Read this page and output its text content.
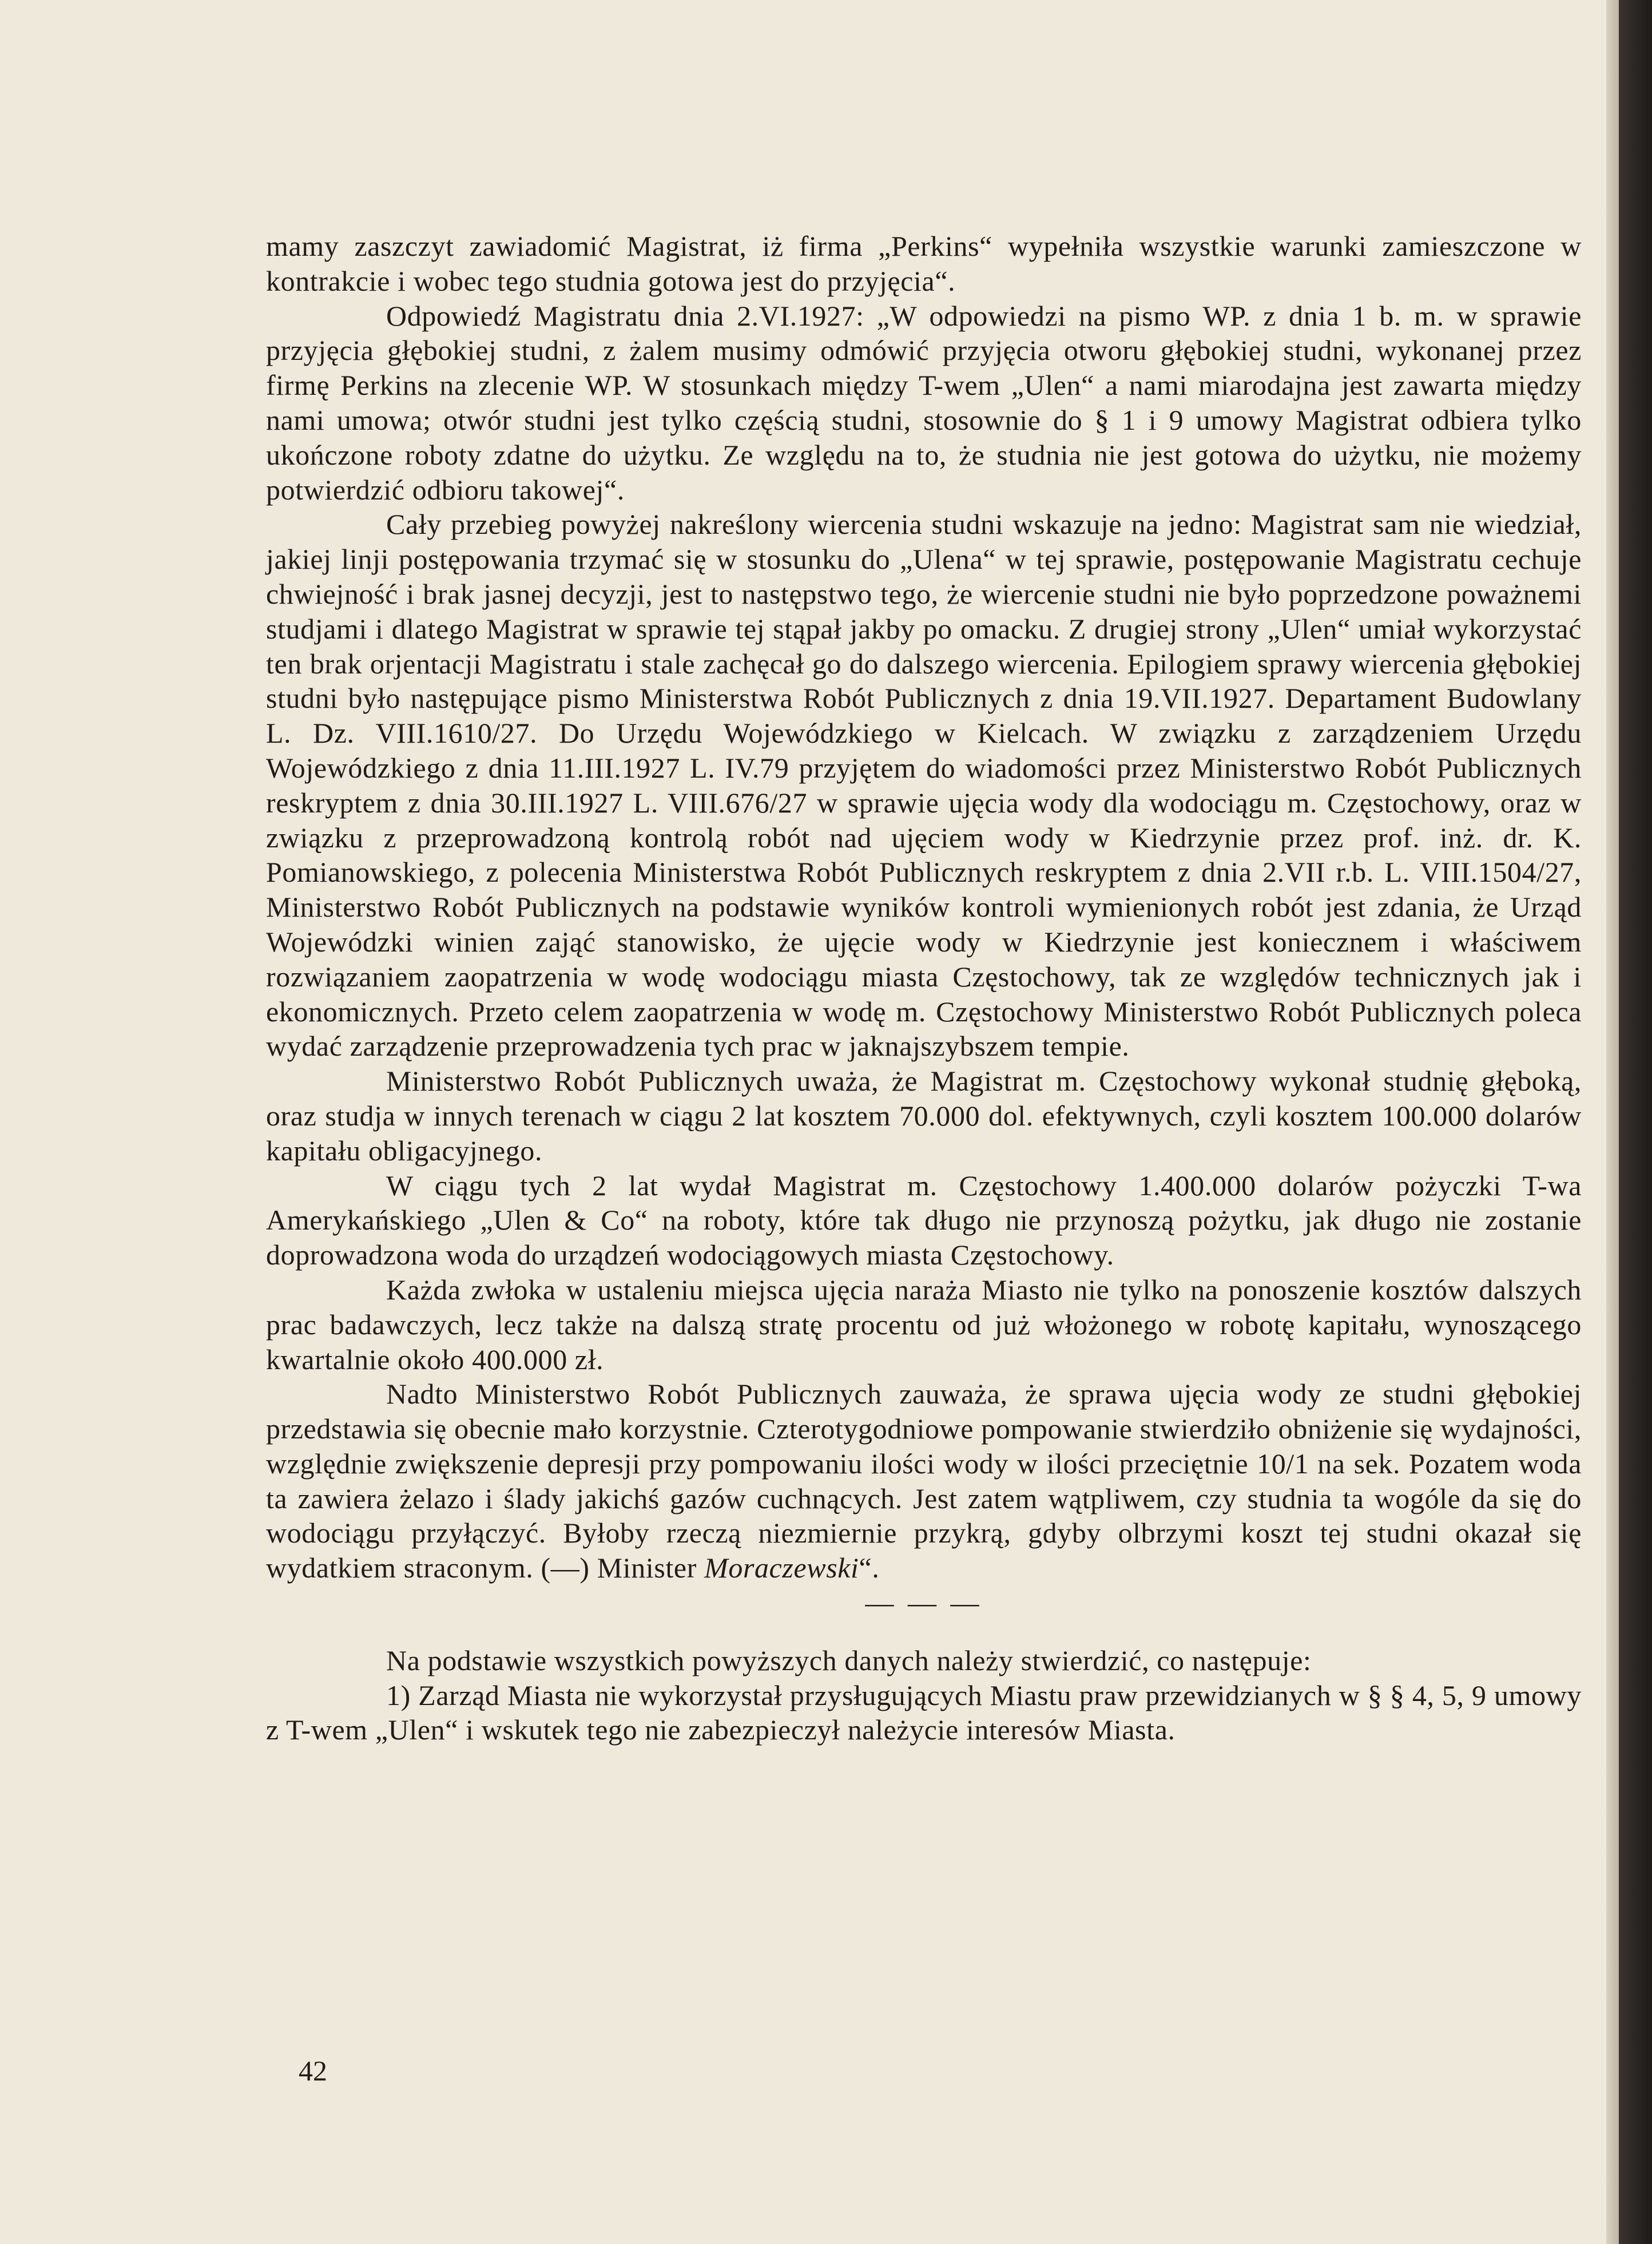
mamy zaszczyt zawiadomić Magistrat, iż firma „Perkins“ wypełniła wszystkie warunki zamieszczone w kontrakcie i wobec tego studnia gotowa jest do przyjęcia“.

Odpowiedź Magistratu dnia 2.VI.1927: „W odpowiedzi na pismo WP. z dnia 1 b. m. w sprawie przyjęcia głębokiej studni, z żalem musimy odmówić przyjęcia otworu głębokiej studni, wykonanej przez firmę Perkins na zlecenie WP. W stosunkach między T-wem „Ulen“ a nami miarodajna jest zawarta między nami umowa; otwór studni jest tylko częścią studni, stosownie do § 1 i 9 umowy Magistrat odbiera tylko ukończone roboty zdatne do użytku. Ze względu na to, że studnia nie jest gotowa do użytku, nie możemy potwierdzić odbioru takowej“.

Cały przebieg powyżej nakreślony wiercenia studni wskazuje na jedno: Magistrat sam nie wiedział, jakiej linji postępowania trzymać się w stosunku do „Ulena“ w tej sprawie, postępowanie Magistratu cechuje chwiejność i brak jasnej decyzji, jest to następstwo tego, że wiercenie studni nie było poprzedzone poważnemi studjami i dlatego Magistrat w sprawie tej stąpał jakby po omacku. Z drugiej strony „Ulen“ umiał wykorzystać ten brak orjentacji Magistratu i stale zachęcał go do dalszego wiercenia. Epilogiem sprawy wiercenia głębokiej studni było następujące pismo Ministerstwa Robót Publicznych z dnia 19.VII.1927. Departament Budowlany L. Dz. VIII.1610/27. Do Urzędu Wojewódzkiego w Kielcach. W związku z zarządzeniem Urzędu Wojewódzkiego z dnia 11.III.1927 L. IV.79 przyjętem do wiadomości przez Ministerstwo Robót Publicznych reskryptem z dnia 30.III.1927 L. VIII.676/27 w sprawie ujęcia wody dla wodociągu m. Częstochowy, oraz w związku z przeprowadzoną kontrolą robót nad ujęciem wody w Kiedrzynie przez prof. inż. dr. K. Pomianowskiego, z polecenia Ministerstwa Robót Publicznych reskryptem z dnia 2.VII r.b. L. VIII.1504/27, Ministerstwo Robót Publicznych na podstawie wyników kontroli wymienionych robót jest zdania, że Urząd Wojewódzki winien zająć stanowisko, że ujęcie wody w Kiedrzynie jest koniecznem i właściwem rozwiązaniem zaopatrzenia w wodę wodociągu miasta Częstochowy, tak ze względów technicznych jak i ekonomicznych. Przeto celem zaopatrzenia w wodę m. Częstochowy Ministerstwo Robót Publicznych poleca wydać zarządzenie przeprowadzenia tych prac w jaknajszybszem tempie.

Ministerstwo Robót Publicznych uważa, że Magistrat m. Częstochowy wykonał studnię głęboką, oraz studja w innych terenach w ciągu 2 lat kosztem 70.000 dol. efektywnych, czyli kosztem 100.000 dolarów kapitału obligacyjnego.

W ciągu tych 2 lat wydał Magistrat m. Częstochowy 1.400.000 dolarów pożyczki T-wa Amerykańskiego „Ulen & Co“ na roboty, które tak długo nie przynoszą pożytku, jak długo nie zostanie doprowadzona woda do urządzeń wodociągowych miasta Częstochowy.

Każda zwłoka w ustaleniu miejsca ujęcia naraża Miasto nie tylko na ponoszenie kosztów dalszych prac badawczych, lecz także na dalszą stratę procentu od już włożonego w robotę kapitału, wynoszącego kwartalnie około 400.000 zł.

Nadto Ministerstwo Robót Publicznych zauważa, że sprawa ujęcia wody ze studni głębokiej przedstawia się obecnie mało korzystnie. Czterotygodniowe pompowanie stwierdziło obniżenie się wydajności, względnie zwiększenie depresji przy pompowaniu ilości wody w ilości przeciętnie 10/1 na sek. Pozatem woda ta zawiera żelazo i ślady jakichś gazów cuchnących. Jest zatem wątpliwem, czy studnia ta wogóle da się do wodociągu przyłączyć. Byłoby rzeczą niezmiernie przykrą, gdyby olbrzymi koszt tej studni okazał się wydatkiem straconym. (—) Minister Moraczewski“.

— — —

Na podstawie wszystkich powyższych danych należy stwierdzić, co następuje:

1) Zarząd Miasta nie wykorzystał przysługujących Miastu praw przewidzianych w § § 4, 5, 9 umowy z T-wem „Ulen“ i wskutek tego nie zabezpieczył należycie interesów Miasta.

42
